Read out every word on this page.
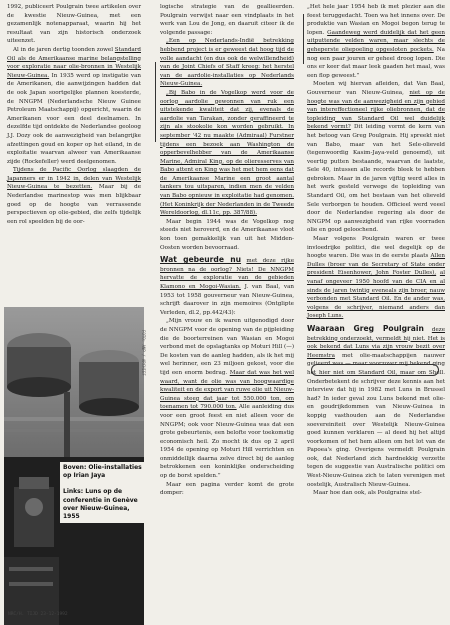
1992, publiceert Poulgrain twee artikelen over de kwestie Nieuw-Guinea, met een gezamenlijk notenapparaat, waarin hij het resultaat van zijn historisch onderzoek uiteenzet.

Al in de jaren dertig toonden zowel Standard Oil als de Amerikaanse marine belangstelling voor exploratie naar olie-bronnen in Westelijk Nieuw-Guinea. In 1935 werd op instigatie van de Amerikanen, die aanwijzingen hadden dat de ook Japan soortgelijke plannen koesterde, de NNGPM (Nederlandsche Nieuw Guinee Petroleum Maatschappij) opgericht, waarin de Amerikanen voor een deel deelnamen. In dezelfde tijd ontdekte de Nederlandse geoloog J.J. Dozy ook de aanwezigheid van belangrijke afzettingen goud en koper op het eiland, in de exploitatie waarvan alweer van Amerikaanse zijde (Rockefeller) werd deelgenomen.

Tijdens de Pacific Oorlog slaagden de Japanners er in 1942 in, delen van Westelijk Nieuw-Guinea te bezetten. Maar bij de Nederlandse marinestop was men blijkbaar goed op de hoogte van verrassende perspectieven op olie-gebied, die zelfs tijdelijk een rol speelden bij de oor-

Boven: Olie-installaties op Irian Jaya
Links: Luns op de conferentie in Genève over Nieuw-Guinea, 1955
FOTO: ANP / ARCHIEF

logische strategie van de geallieerden. Poulgrain verwijst naar een vindplaats in het werk van Lou de Jong, en daaruit citeer ik de volgende passage:

„Een op Nederlands-Indië betrekking hebbend project is er geweest dat hoog tijd de volle aandacht (en dus ook de welwillendheid) van de Joint Chiefs of Staff kreeg: het herstel van de aardolie-installaties op Nederlands Nieuw-Guinea.

„Bij Babo in de Vogelkop werd voor de oorlog aardolie gewonnen van ruk een uitstekende kwaliteit dat zij, evenals de aardolie van Tarakan, zonder geraffineerd te zijn als stookolie kon worden gebruikt. In september '42 nu maakte (Admiraal) Furstner tijdens een bezoek aan Washington de opperbevelhebber van de Amerikaanse Marine, Admiral King, op de olieresserves van Babo attent en King was het met hem eens dat de Amerikaanse Marine een groot aantal tankers tou uitsparen, indien men de velden van Babo opnieuw in exploitatie had genomen. (Het Koninkrijk der Nederlanden in de Tweede Wereldoorlog, dl.11c, pp. 387/88).

Maar begin 1944 was de Vogelkop nog steeds niet heroverd, en de Amerikaanse vloot kon toen gemakkelijk van uit het Midden-Oosten worden bevoorraad.

Wat gebeurde nu met deze rijke bronnen na de oorlog? Niets! De NNGPM hervatte de exploratie van de gebieden Klamono en Mogoi-Wasian. J. van Baal, van 1953 tot 1958 gouverneur van Nieuw-Guinea, schrijft daarover in zijn memoires (Ontglipte Verleden, dl.2, pp.442/43):

„Mijn vrouw en ik waren uitgenodigd door de NNGPM voor de opening van de pijpleiding die de boorterreinen van Wasian en Mogoi verbond met de opslagtanks op Moturi Hill (—) De kosten van de aanleg hadden, als ik het mij wel herinner, een 23 miljoen gekost, voor die tijd een enorm bedrag. Maar dat was het wel waard, want de olie was van hoogwaardige kwaliteit en de export van ruwe olie uit Nieuw-Guinea steeg dat jaar tot 550.000 ton, om toenamen tot 790.000 ton. Alle aanleiding dus voor een groot feest en niet alleen voor de NNGPM; ook voor Nieuw-Guinea was dat een grote gebeurtenis, een belofte voor toekomstig economisch heil. Zo mocht ik dus op 2 april 1954 de opening op Moturi Hill verrichten en onmiddellijk daarna zelve direct bij de aanleg betrokkenen een koninklijke onderscheiding op de borst spelden.”

Maar een pagina verder komt de grote domper:

„Het hele jaar 1954 heb ik met plezier aan die feest teruggedacht. Toen wa het innens over. De produktie van Wasian en Mogoi begon terug te lopen. Gaandeweg werd duidelijk dat het geen uitputtende velden waren, maar slechts de geheperste oliepoeling opgesloten pockets. Na nog een paar jouren er geheel droog lopen. Die ons er keer dat maar leek gaaden het maal, was een flop geweest.”

Moeten wij hiervan afleiden, dat Van Baal, Gouverneur van Nieuw-Guinea, niet op de hoogte was van de aanwezigheid en zijn gebied van intereffectioneel rijke oliebronnen, dat de topleiding van Standard Oil wel duidelijk bekend vormt? Dit leiding vormt de kern van het betoog van Greg Poulgrain. Hij spreekt niet van Babo, maar van het Sele-olieveld (tegenwoordig Kasim-Jaya-veld genoemd), uit veertig putten bestaande, waarvan de laatste, Sele 40, intussen alle records bleek te hebben gebroken. Maar in de jaren vijftig werd alles in het werk gesteld verwege de topleiding van Standard Oil, om het bestaan van het olieveld Sele verborgen te houden. Officieel werd veeel door de Nederlandse regering als door de NNGPM op aanwezigheid van rijke voorraden olie en goud geloochend.

Maar volgens Poulgrain waren er twee invloedrijke politici, die wel degelijk op de hoogte waren. Die was in de eerste plaats Allen Dulles (broer van de Secretary of State onder president Eisenhower, John Foster Dulles), al vanaf ongeveer 1950 hoofd van de CIA en al sinds de jaren twintig eveneals zijn broer, nauw verbonden met Standard Oil. En de ander was, volgens de schrijver, niemand anders dan Joseph Luns.

Waaraan Greg Poulgrain deze betrekking onderzoekt, vermeldt hij niet. Het is ook bekend dat Luns via zijn vrouw bezit over Heemstra met olie-maatschappijen nauwer gelieerd was — maar voorzover mij bekend ging het hier niet om Standard Oil, maar om Shell. Onderbetekent de schrijver deze kennis aan het interview dat hij in 1982 met Luns in Brussel had? In ieder geval zou Luns bekend met olie- en goudrijkdommen van Nieuw-Guinea in koppig vasthouden aan de Nederlandse soevereiniteit over Westelijk Nieuw-Guinea goed kunnen verklaren — al deed hij het altijd voorkomen of het hem alleen om het lot van de Papoea's ging. Overigens vermeldt Poulgrain ook, dat Nederland zich hardnekkig verzette tegen de suggestie van Australische politici om West-Nieuw-Guinea zich te laten verenigen met oostelijk, Australisch Nieuw-Guinea.

Maar hoe dan ook, als Poulgrains stel-

NRC/H. TIJD 23-12-1992
